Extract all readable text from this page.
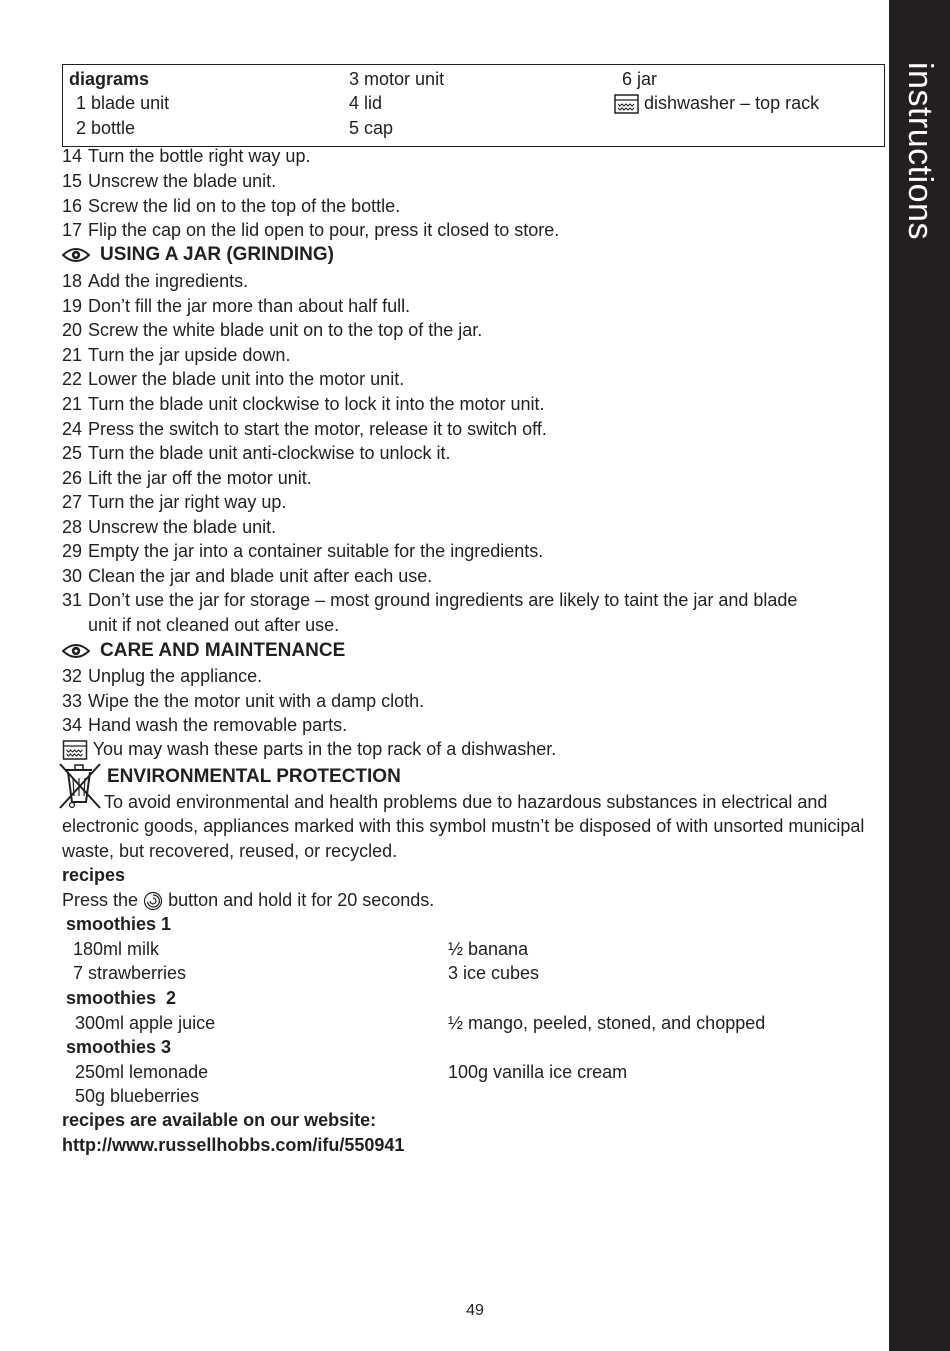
instructions
diagrams
1 blade unit
2 bottle
3 motor unit
4 lid
5 cap
6 jar
dishwasher – top rack
14 Turn the bottle right way up.
15 Unscrew the blade unit.
16 Screw the lid on to the top of the bottle.
17 Flip the cap on the lid open to pour, press it closed to store.
USING A JAR (GRINDING)
18 Add the ingredients.
19 Don’t fill the jar more than about half full.
20 Screw the white blade unit on to the top of the jar.
21 Turn the jar upside down.
22 Lower the blade unit into the motor unit.
21 Turn the blade unit clockwise to lock it into the motor unit.
24 Press the switch to start the motor, release it to switch off.
25 Turn the blade unit anti-clockwise to unlock it.
26 Lift the jar off the motor unit.
27 Turn the jar right way up.
28 Unscrew the blade unit.
29 Empty the jar into a container suitable for the ingredients.
30 Clean the jar and blade unit after each use.
31 Don’t use the jar for storage – most ground ingredients are likely to taint the jar and blade
unit if not cleaned out after use.
CARE AND MAINTENANCE
32 Unplug the appliance.
33 Wipe the the motor unit with a damp cloth.
34 Hand wash the removable parts.
You may wash these parts in the top rack of a dishwasher.
ENVIRONMENTAL PROTECTION
To avoid environmental and health problems due to hazardous substances in electrical and
electronic goods, appliances marked with this symbol mustn’t be disposed of with unsorted municipal waste, but recovered, reused, or recycled.
recipes
Press the button and hold it for 20 seconds.
smoothies 1
180ml milk
7 strawberries
½ banana
3 ice cubes
smoothies  2
300ml apple juice	½ mango, peeled, stoned, and chopped
smoothies 3
250ml lemonade
50g blueberries
100g vanilla ice cream
recipes are available on our website:
http://www.russellhobbs.com/ifu/550941
49
